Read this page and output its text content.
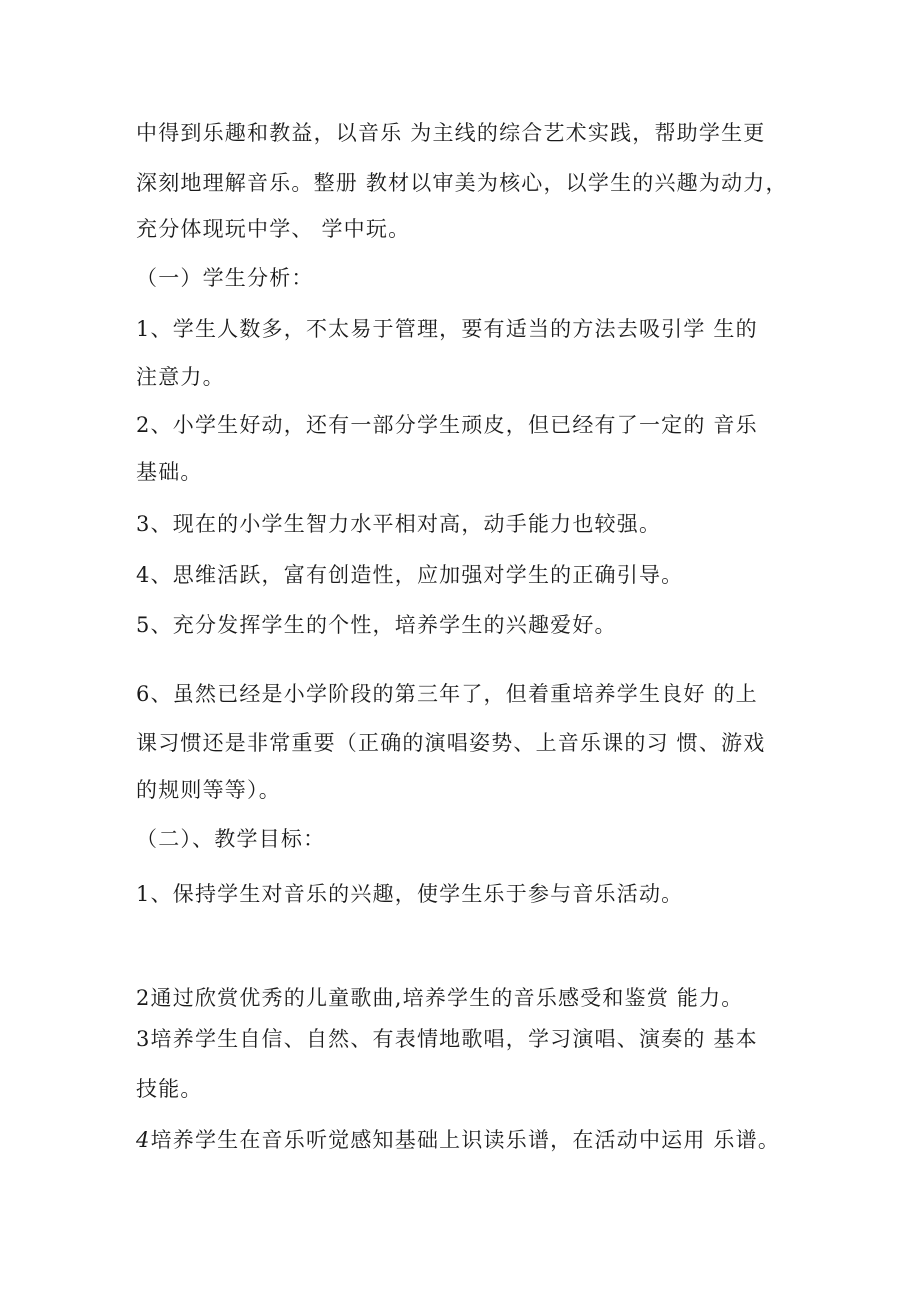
中得到乐趣和教益，以音乐 为主线的综合艺术实践，帮助学生更
深刻地理解音乐。整册 教材以审美为核心，以学生的兴趣为动力，
充分体现玩中学、 学中玩。
（一）学生分析：
1、学生人数多，不太易于管理，要有适当的方法去吸引学 生的
注意力。
2、小学生好动，还有一部分学生顽皮，但已经有了一定的 音乐
基础。
3、现在的小学生智力水平相对高，动手能力也较强。
4、思维活跃，富有创造性，应加强对学生的正确引导。
5、充分发挥学生的个性，培养学生的兴趣爱好。
6、虽然已经是小学阶段的第三年了，但着重培养学生良好 的上
课习惯还是非常重要（正确的演唱姿势、上音乐课的习 惯、游戏
的规则等等）。
（二）、教学目标：
1、保持学生对音乐的兴趣，使学生乐于参与音乐活动。
2通过欣赏优秀的儿童歌曲,培养学生的音乐感受和鉴赏 能力。
3培养学生自信、自然、有表情地歌唱，学习演唱、演奏的 基本
技能。
4培养学生在音乐听觉感知基础上识读乐谱，在活动中运用 乐谱。
